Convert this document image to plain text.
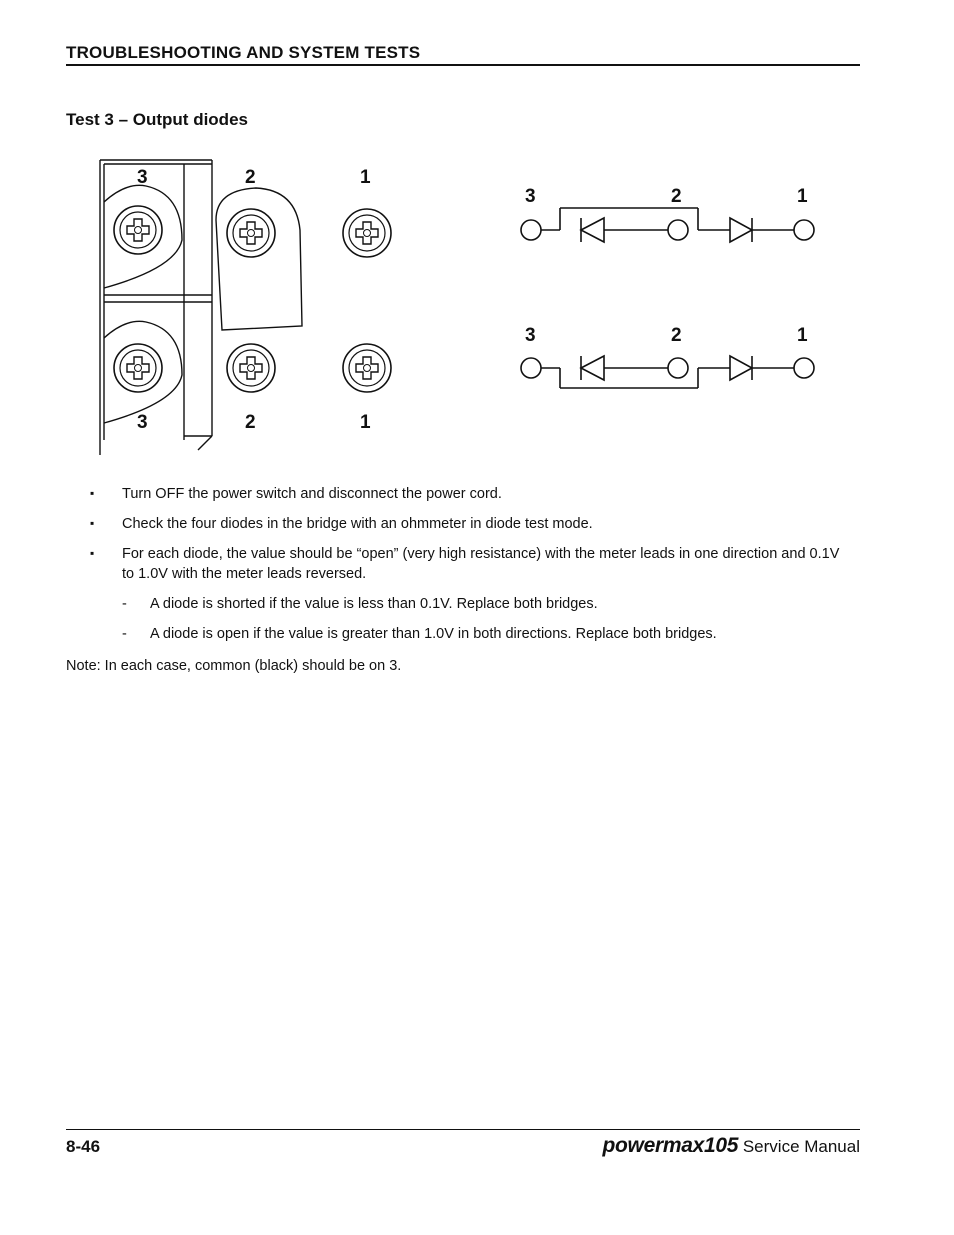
TROUBLESHOOTING AND SYSTEM TESTS
Test 3 – Output diodes
3	2	1
3	2	1
3	2	1
3	2	1
▪ Turn OFF the power switch and disconnect the power cord.
▪ Check the four diodes in the bridge with an ohmmeter in diode test mode.
▪ For each diode, the value should be “open” (very high resistance) with the meter leads in one direction and 0.1V to 1.0V with the meter leads reversed.
- A diode is shorted if the value is less than 0.1V. Replace both bridges.
- A diode is open if the value is greater than 1.0V in both directions. Replace both bridges.
Note: In each case, common (black) should be on 3.
8-46	powermax105 Service Manual
